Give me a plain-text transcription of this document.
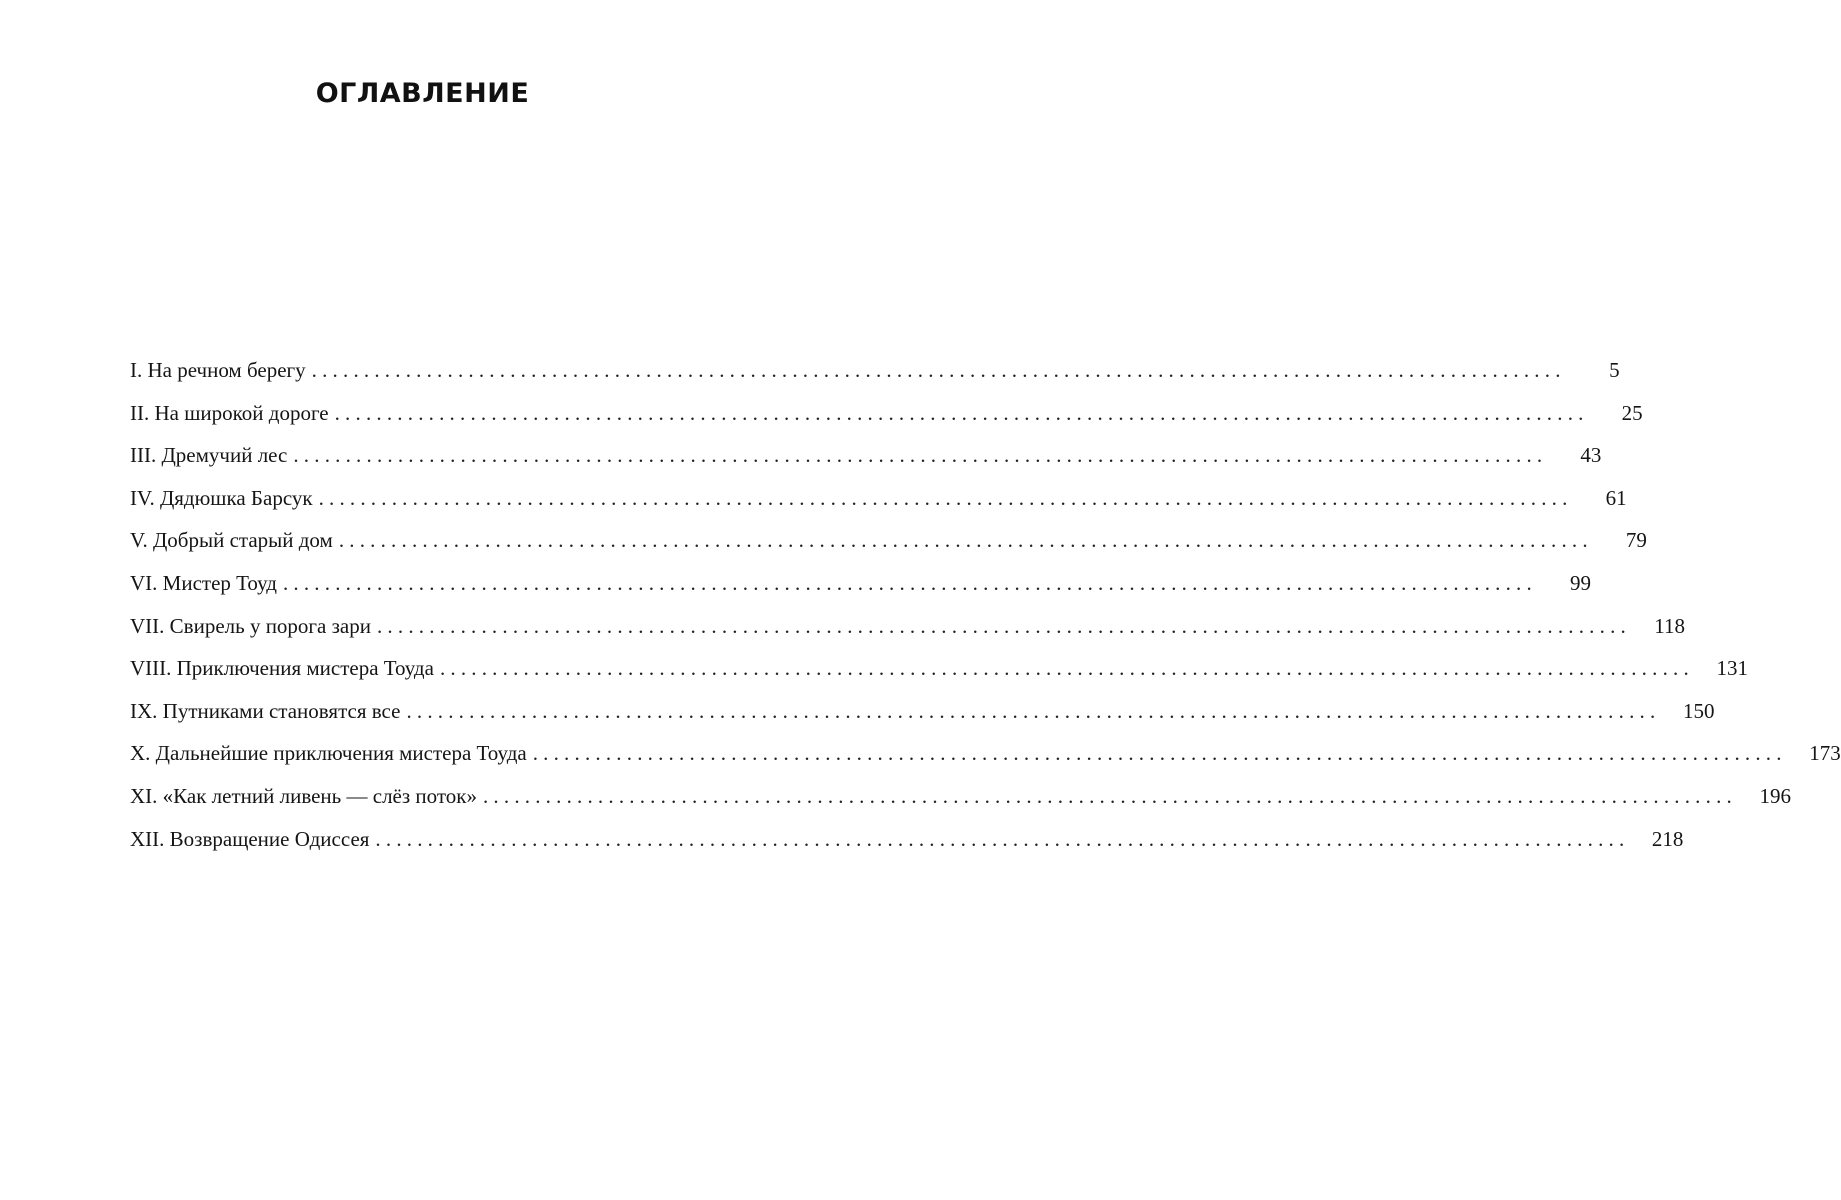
ОГЛАВЛЕНИЕ
I. На речном берегу ........................................................................................................................	5
II. На широкой дороге ........................................................................................................................	25
III. Дремучий лес ........................................................................................................................	43
IV. Дядюшка Барсук ........................................................................................................................	61
V. Добрый старый дом ........................................................................................................................	79
VI. Мистер Тоуд ........................................................................................................................	99
VII. Свирель у порога зари ........................................................................................................................	118
VIII. Приключения мистера Тоуда ........................................................................................................................	131
IX. Путниками становятся все ........................................................................................................................	150
X. Дальнейшие приключения мистера Тоуда ........................................................................................................................	173
XI. «Как летний ливень — слёз поток» ........................................................................................................................	196
XII. Возвращение Одиссея ........................................................................................................................	218
